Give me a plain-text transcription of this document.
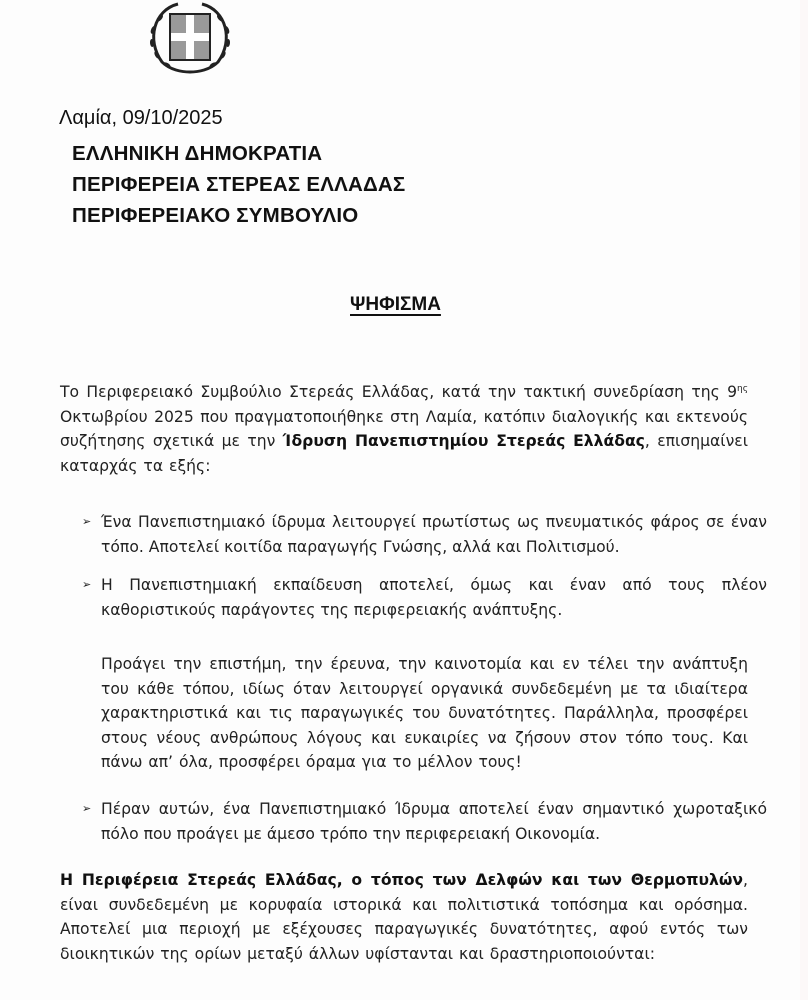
Λαμία, 09/10/2025
ΕΛΛΗΝΙΚΗ ΔΗΜΟΚΡΑΤΙΑ
ΠΕΡΙΦΕΡΕΙΑ ΣΤΕΡΕΑΣ ΕΛΛΑΔΑΣ
ΠΕΡΙΦΕΡΕΙΑΚΟ ΣΥΜΒΟΥΛΙΟ
ΨΗΦΙΣΜΑ
Το Περιφερειακό Συμβούλιο Στερεάς Ελλάδας, κατά την τακτική συνεδρίαση της $9^{\eta\varsigma}$ Οκτωβρίου 2025 που πραγματοποιήθηκε στη Λαμία, κατόπιν διαλογικής και εκτενούς συζήτησης σχετικά με την Ίδρυση Πανεπιστημίου Στερεάς Ελλάδας, επισημαίνει καταρχάς τα εξής:
➢ Ένα Πανεπιστημιακό ίδρυμα λειτουργεί πρωτίστως ως πνευματικός φάρος σε έναν τόπο. Αποτελεί κοιτίδα παραγωγής Γνώσης, αλλά και Πολιτισμού.
➢ Η Πανεπιστημιακή εκπαίδευση αποτελεί, όμως και έναν από τους πλέον καθοριστικούς παράγοντες της περιφερειακής ανάπτυξης.
Προάγει την επιστήμη, την έρευνα, την καινοτομία και εν τέλει την ανάπτυξη του κάθε τόπου, ιδίως όταν λειτουργεί οργανικά συνδεδεμένη με τα ιδιαίτερα χαρακτηριστικά και τις παραγωγικές του δυνατότητες. Παράλληλα, προσφέρει στους νέους ανθρώπους λόγους και ευκαιρίες να ζήσουν στον τόπο τους. Και πάνω απ’ όλα, προσφέρει όραμα για το μέλλον τους!
➢ Πέραν αυτών, ένα Πανεπιστημιακό Ίδρυμα αποτελεί έναν σημαντικό χωροταξικό πόλο που προάγει με άμεσο τρόπο την περιφερειακή Οικονομία.
Η Περιφέρεια Στερεάς Ελλάδας, ο τόπος των Δελφών και των Θερμοπυλών, είναι συνδεδεμένη με κορυφαία ιστορικά και πολιτιστικά τοπόσημα και ορόσημα. Αποτελεί μια περιοχή με εξέχουσες παραγωγικές δυνατότητες, αφού εντός των διοικητικών της ορίων μεταξύ άλλων υφίστανται και δραστηριοποιούνται:
